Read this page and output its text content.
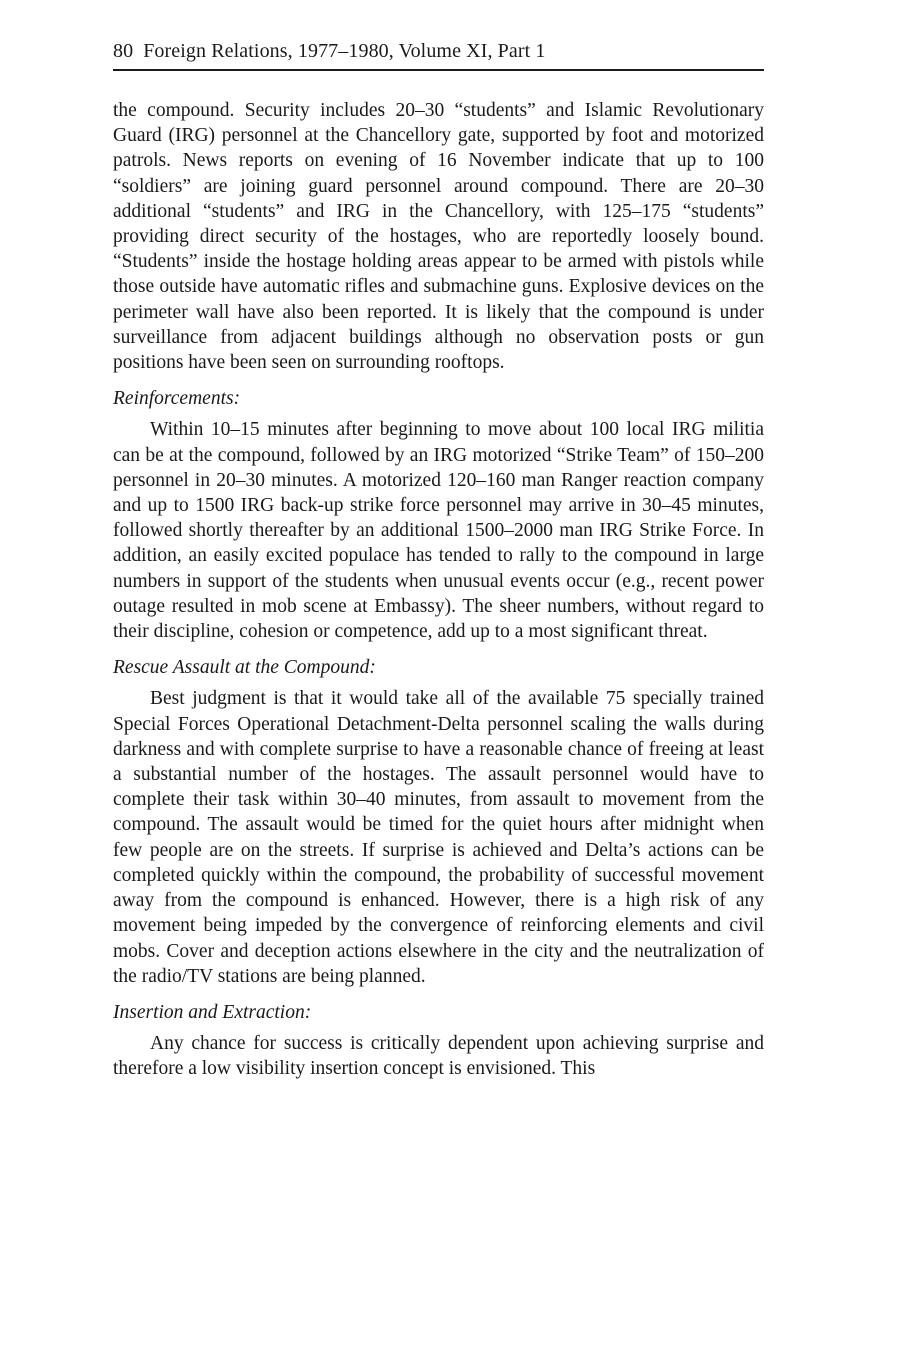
80 Foreign Relations, 1977–1980, Volume XI, Part 1

the compound. Security includes 20–30 “students” and Islamic Revolutionary Guard (IRG) personnel at the Chancellory gate, supported by foot and motorized patrols. News reports on evening of 16 November indicate that up to 100 “soldiers” are joining guard personnel around compound. There are 20–30 additional “students” and IRG in the Chancellory, with 125–175 “students” providing direct security of the hostages, who are reportedly loosely bound. “Students” inside the hostage holding areas appear to be armed with pistols while those outside have automatic rifles and submachine guns. Explosive devices on the perimeter wall have also been reported. It is likely that the compound is under surveillance from adjacent buildings although no observation posts or gun positions have been seen on surrounding rooftops.

Reinforcements:

Within 10–15 minutes after beginning to move about 100 local IRG militia can be at the compound, followed by an IRG motorized “Strike Team” of 150–200 personnel in 20–30 minutes. A motorized 120–160 man Ranger reaction company and up to 1500 IRG back-up strike force personnel may arrive in 30–45 minutes, followed shortly thereafter by an additional 1500–2000 man IRG Strike Force. In addition, an easily excited populace has tended to rally to the compound in large numbers in support of the students when unusual events occur (e.g., recent power outage resulted in mob scene at Embassy). The sheer numbers, without regard to their discipline, cohesion or competence, add up to a most significant threat.

Rescue Assault at the Compound:

Best judgment is that it would take all of the available 75 specially trained Special Forces Operational Detachment-Delta personnel scaling the walls during darkness and with complete surprise to have a reasonable chance of freeing at least a substantial number of the hostages. The assault personnel would have to complete their task within 30–40 minutes, from assault to movement from the compound. The assault would be timed for the quiet hours after midnight when few people are on the streets. If surprise is achieved and Delta’s actions can be completed quickly within the compound, the probability of successful movement away from the compound is enhanced. However, there is a high risk of any movement being impeded by the convergence of reinforcing elements and civil mobs. Cover and deception actions elsewhere in the city and the neutralization of the radio/TV stations are being planned.

Insertion and Extraction:

Any chance for success is critically dependent upon achieving surprise and therefore a low visibility insertion concept is envisioned. This
